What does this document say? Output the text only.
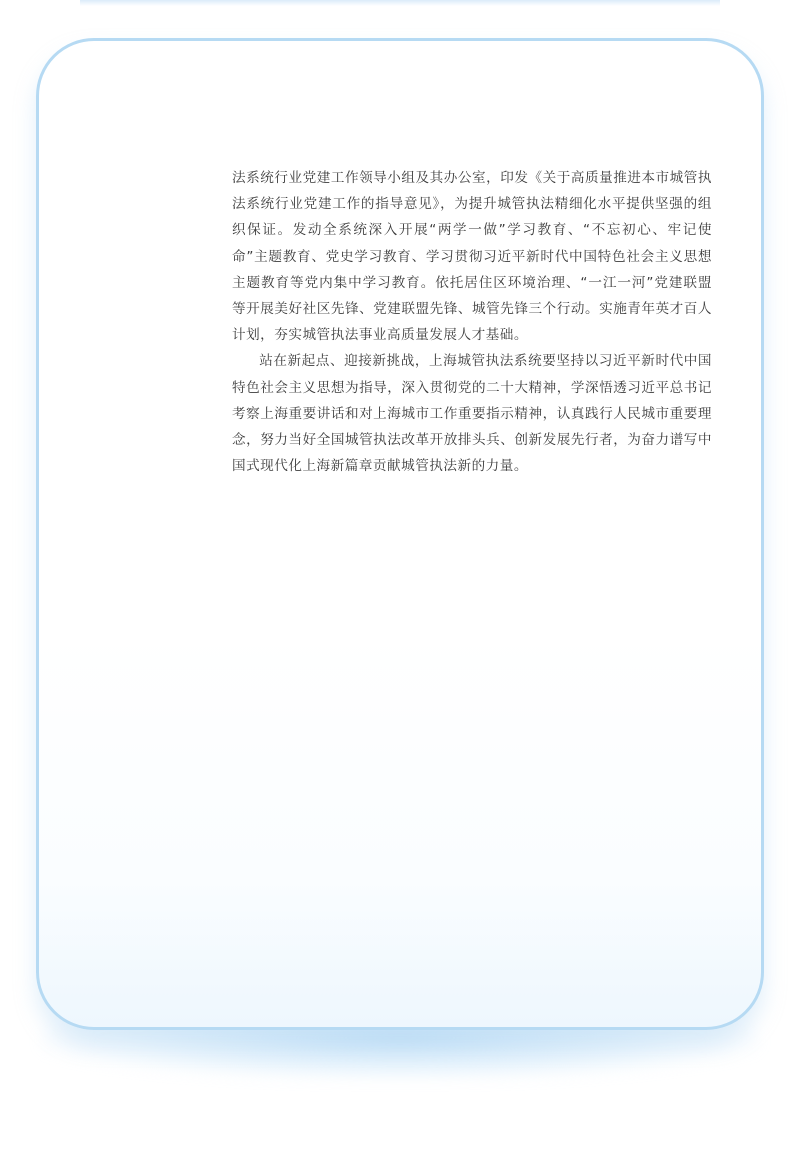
法系统行业党建工作领导小组及其办公室，印发《关于高质量推进本市城管执法系统行业党建工作的指导意见》，为提升城管执法精细化水平提供坚强的组织保证。发动全系统深入开展“两学一做”学习教育、“不忘初心、牢记使命”主题教育、党史学习教育、学习贯彻习近平新时代中国特色社会主义思想主题教育等党内集中学习教育。依托居住区环境治理、“一江一河”党建联盟等开展美好社区先锋、党建联盟先锋、城管先锋三个行动。实施青年英才百人计划，夯实城管执法事业高质量发展人才基础。

站在新起点、迎接新挑战，上海城管执法系统要坚持以习近平新时代中国特色社会主义思想为指导，深入贯彻党的二十大精神，学深悟透习近平总书记考察上海重要讲话和对上海城市工作重要指示精神，认真践行人民城市重要理念，努力当好全国城管执法改革开放排头兵、创新发展先行者，为奋力谱写中国式现代化上海新篇章贡献城管执法新的力量。
